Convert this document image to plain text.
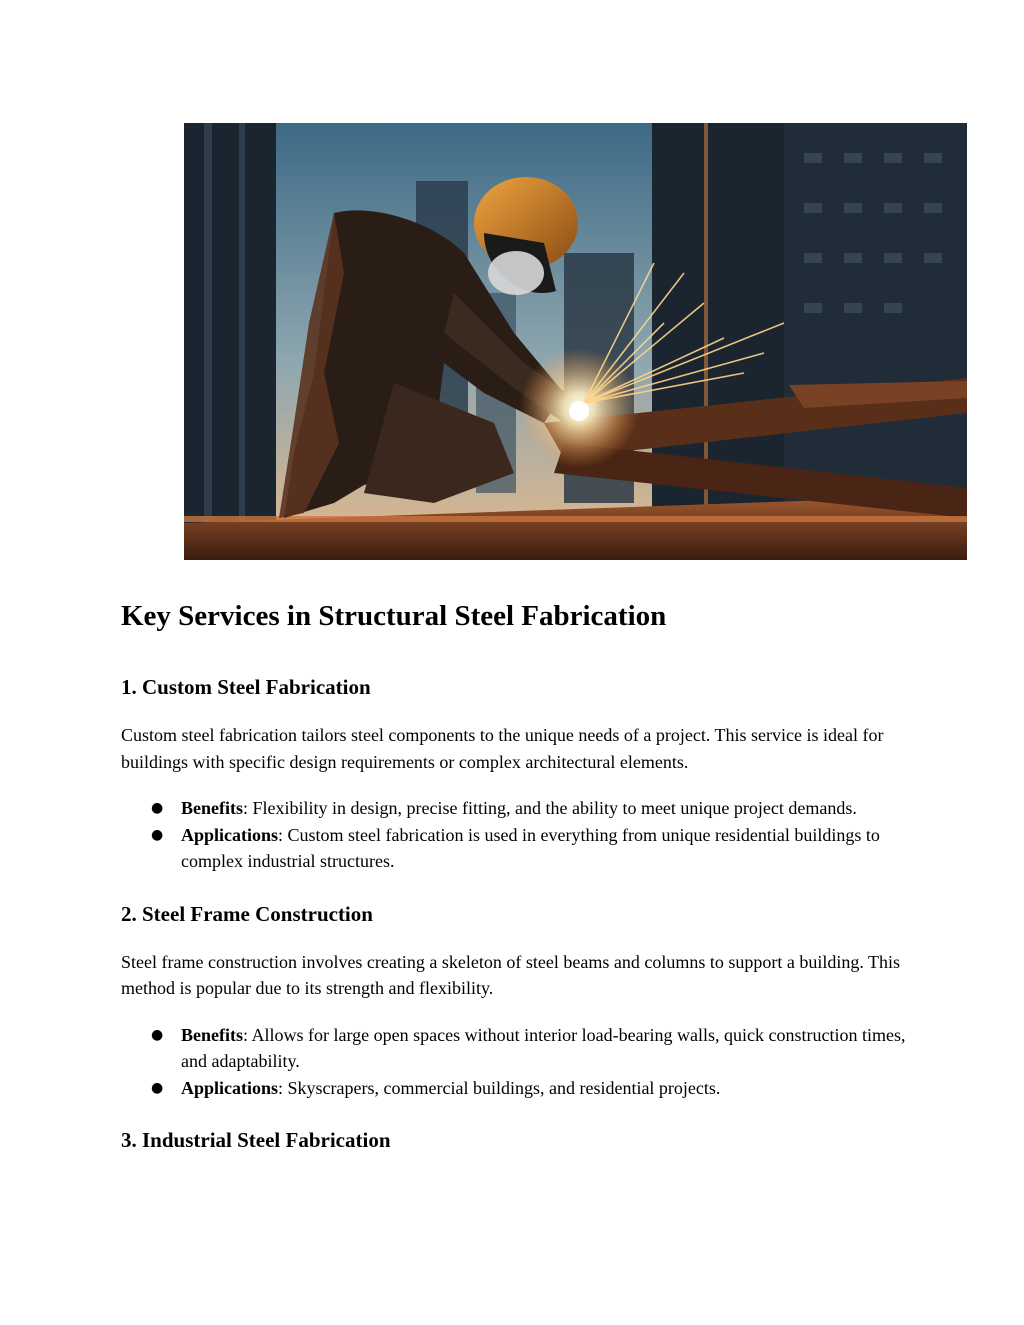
Key Services in Structural Steel Fabrication
1. Custom Steel Fabrication

Custom steel fabrication tailors steel components to the unique needs of a project. This service is ideal for buildings with specific design requirements or complex architectural elements.

● Benefits: Flexibility in design, precise fitting, and the ability to meet unique project demands.
● Applications: Custom steel fabrication is used in everything from unique residential buildings to complex industrial structures.
2. Steel Frame Construction

Steel frame construction involves creating a skeleton of steel beams and columns to support a building. This method is popular due to its strength and flexibility.

● Benefits: Allows for large open spaces without interior load-bearing walls, quick construction times, and adaptability.
● Applications: Skyscrapers, commercial buildings, and residential projects.
3. Industrial Steel Fabrication
